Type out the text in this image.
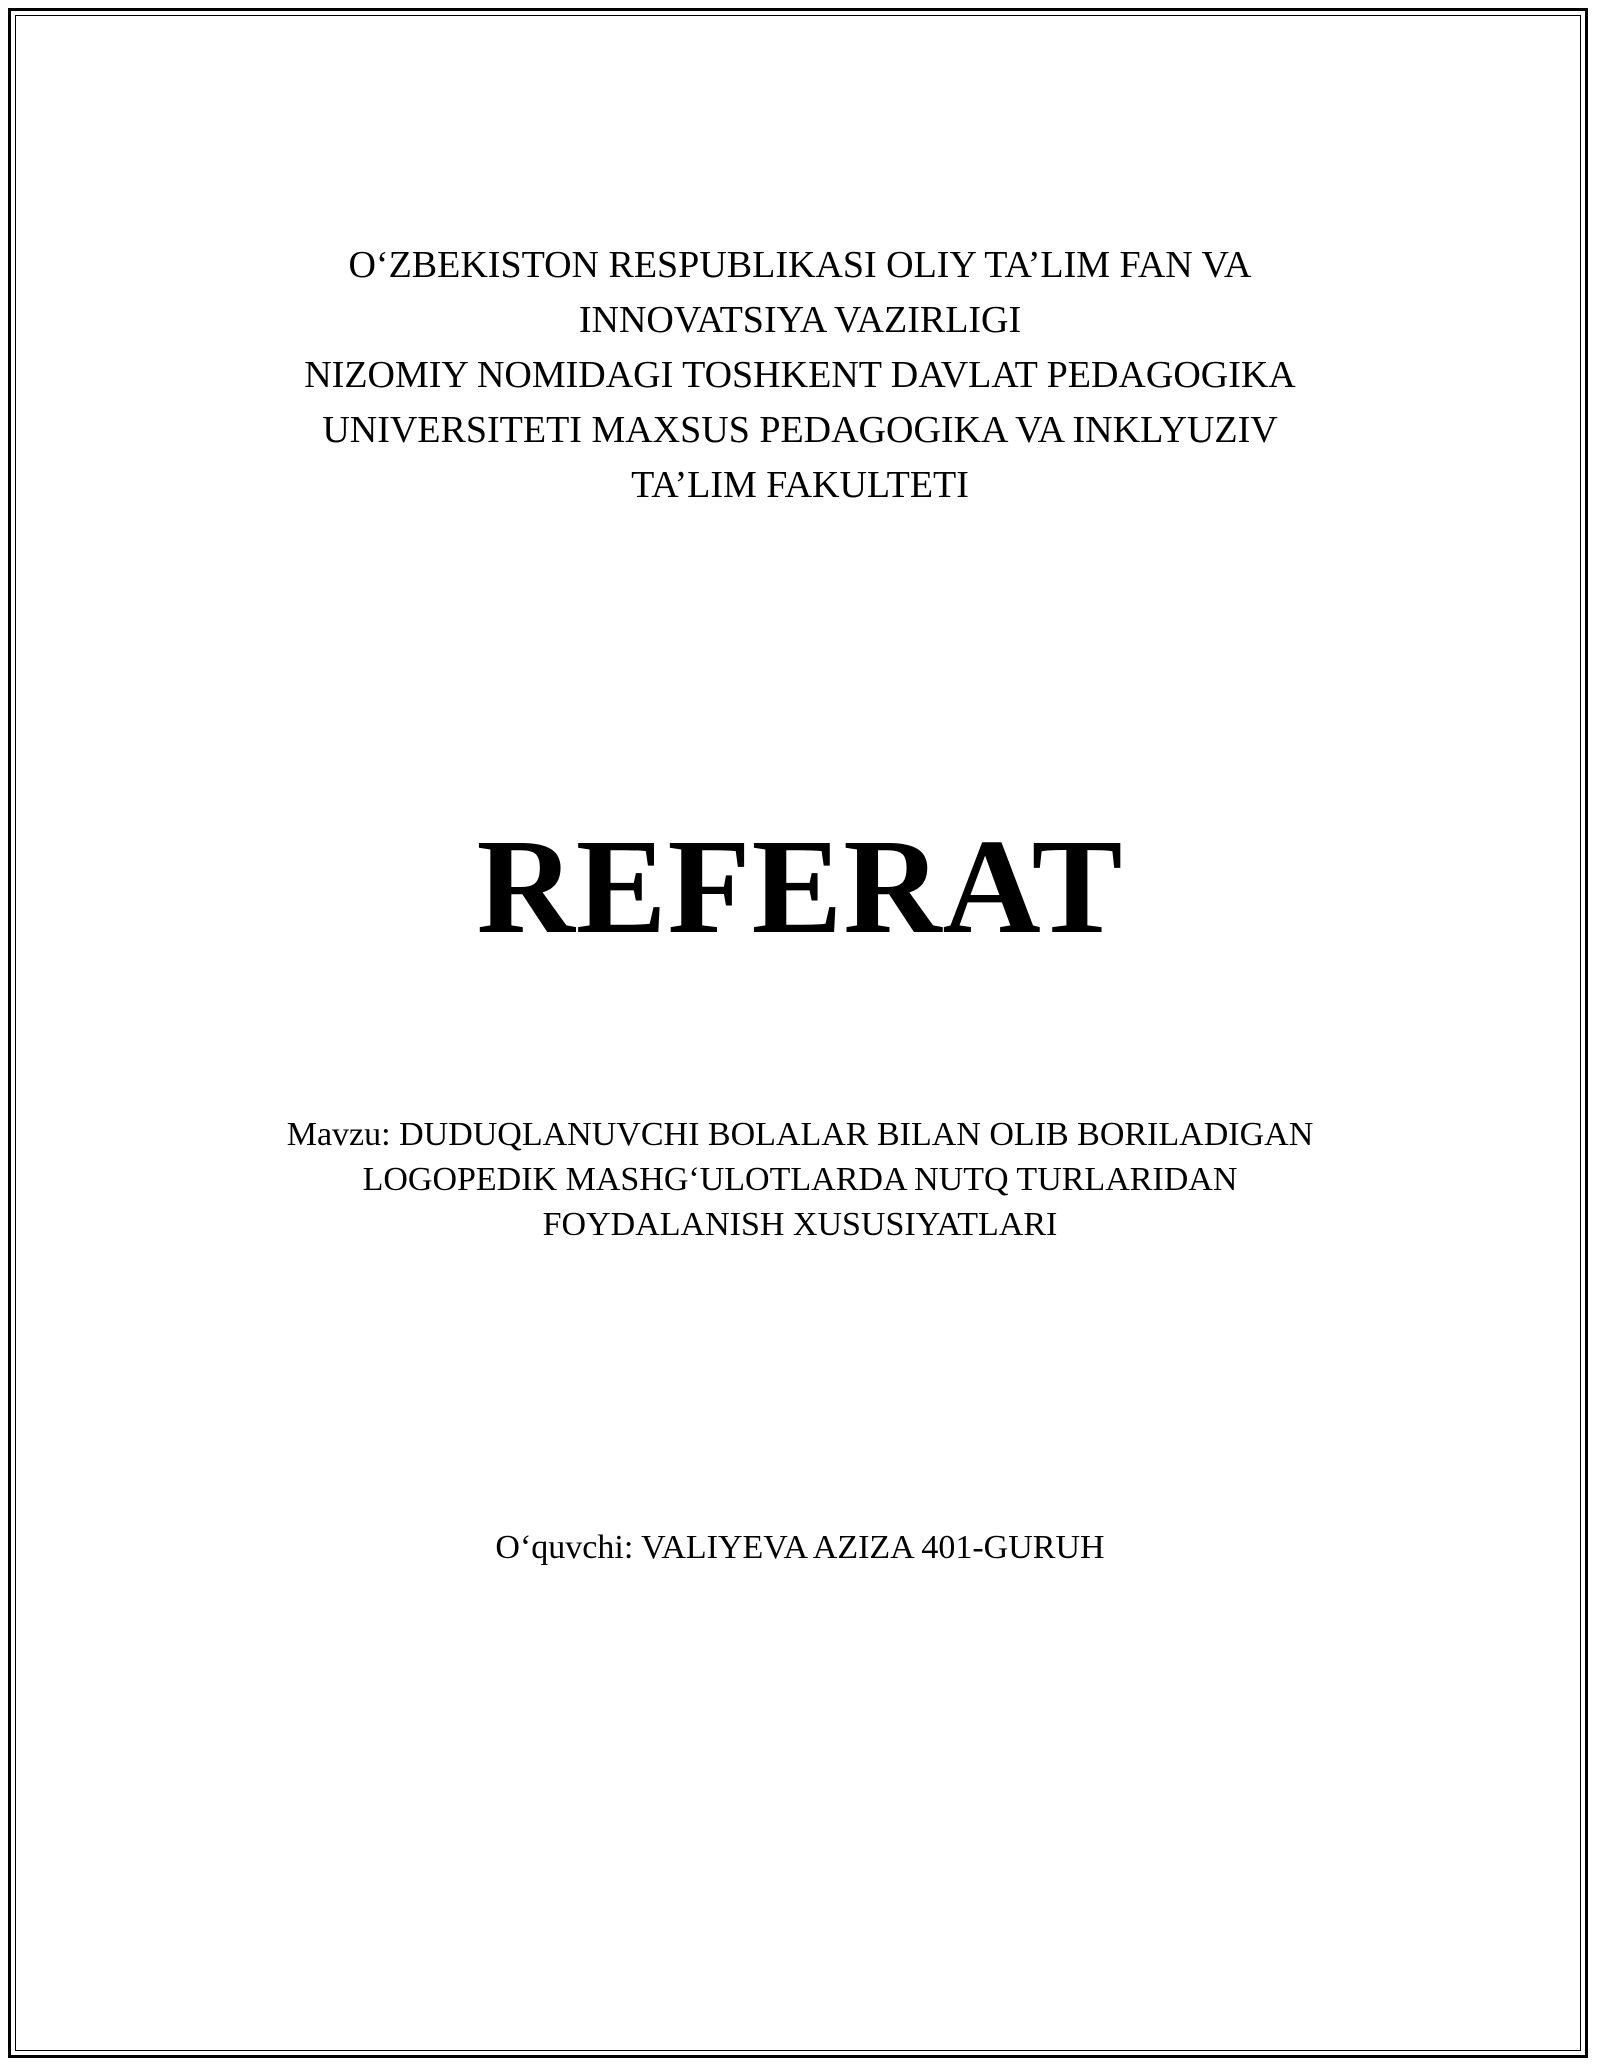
O‘ZBEKISTON RESPUBLIKASI OLIY TA’LIM FAN VA
INNOVATSIYA VAZIRLIGI
NIZOMIY NOMIDAGI TOSHKENT DAVLAT PEDAGOGIKA
UNIVERSITETI MAXSUS PEDAGOGIKA VA INKLYUZIV
TA’LIM FAKULTETI
REFERAT
Mavzu: DUDUQLANUVCHI BOLALAR BILAN OLIB BORILADIGAN
LOGOPEDIK MASHG‘ULOTLARDA NUTQ TURLARIDAN
FOYDALANISH XUSUSIYATLARI
O‘quvchi: VALIYEVA AZIZA 401-GURUH
